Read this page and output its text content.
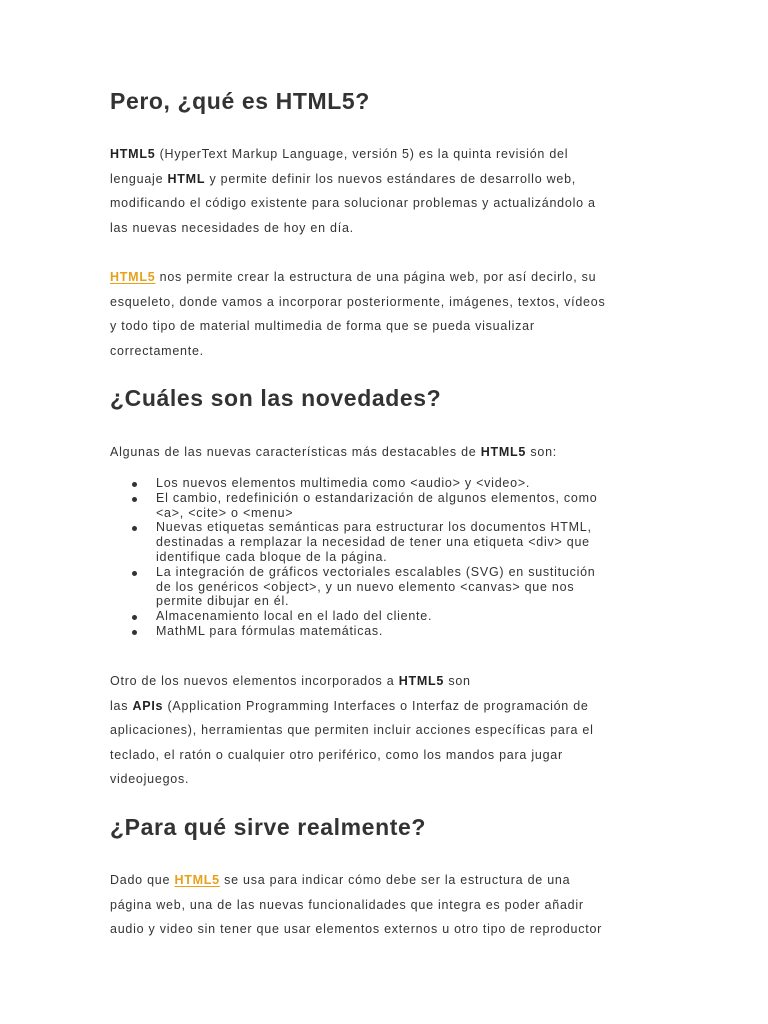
Pero, ¿qué es HTML5?
HTML5 (HyperText Markup Language, versión 5) es la quinta revisión del
lenguaje HTML y permite definir los nuevos estándares de desarrollo web,
modificando el código existente para solucionar problemas y actualizándolo a
las nuevas necesidades de hoy en día.
HTML5 nos permite crear la estructura de una página web, por así decirlo, su
esqueleto, donde vamos a incorporar posteriormente, imágenes, textos, vídeos
y todo tipo de material multimedia de forma que se pueda visualizar
correctamente.
¿Cuáles son las novedades?
Algunas de las nuevas características más destacables de HTML5 son:
Los nuevos elementos multimedia como <audio> y <video>.
El cambio, redefinición o estandarización de algunos elementos, como
<a>, <cite> o <menu>
Nuevas etiquetas semánticas para estructurar los documentos HTML,
destinadas a remplazar la necesidad de tener una etiqueta <div> que
identifique cada bloque de la página.
La integración de gráficos vectoriales escalables (SVG) en sustitución
de los genéricos <object>, y un nuevo elemento <canvas> que nos
permite dibujar en él.
Almacenamiento local en el lado del cliente.
MathML para fórmulas matemáticas.
Otro de los nuevos elementos incorporados a HTML5 son
las APIs (Application Programming Interfaces o Interfaz de programación de
aplicaciones), herramientas que permiten incluir acciones específicas para el
teclado, el ratón o cualquier otro periférico, como los mandos para jugar
videojuegos.
¿Para qué sirve realmente?
Dado que HTML5 se usa para indicar cómo debe ser la estructura de una
página web, una de las nuevas funcionalidades que integra es poder añadir
audio y video sin tener que usar elementos externos u otro tipo de reproductor
